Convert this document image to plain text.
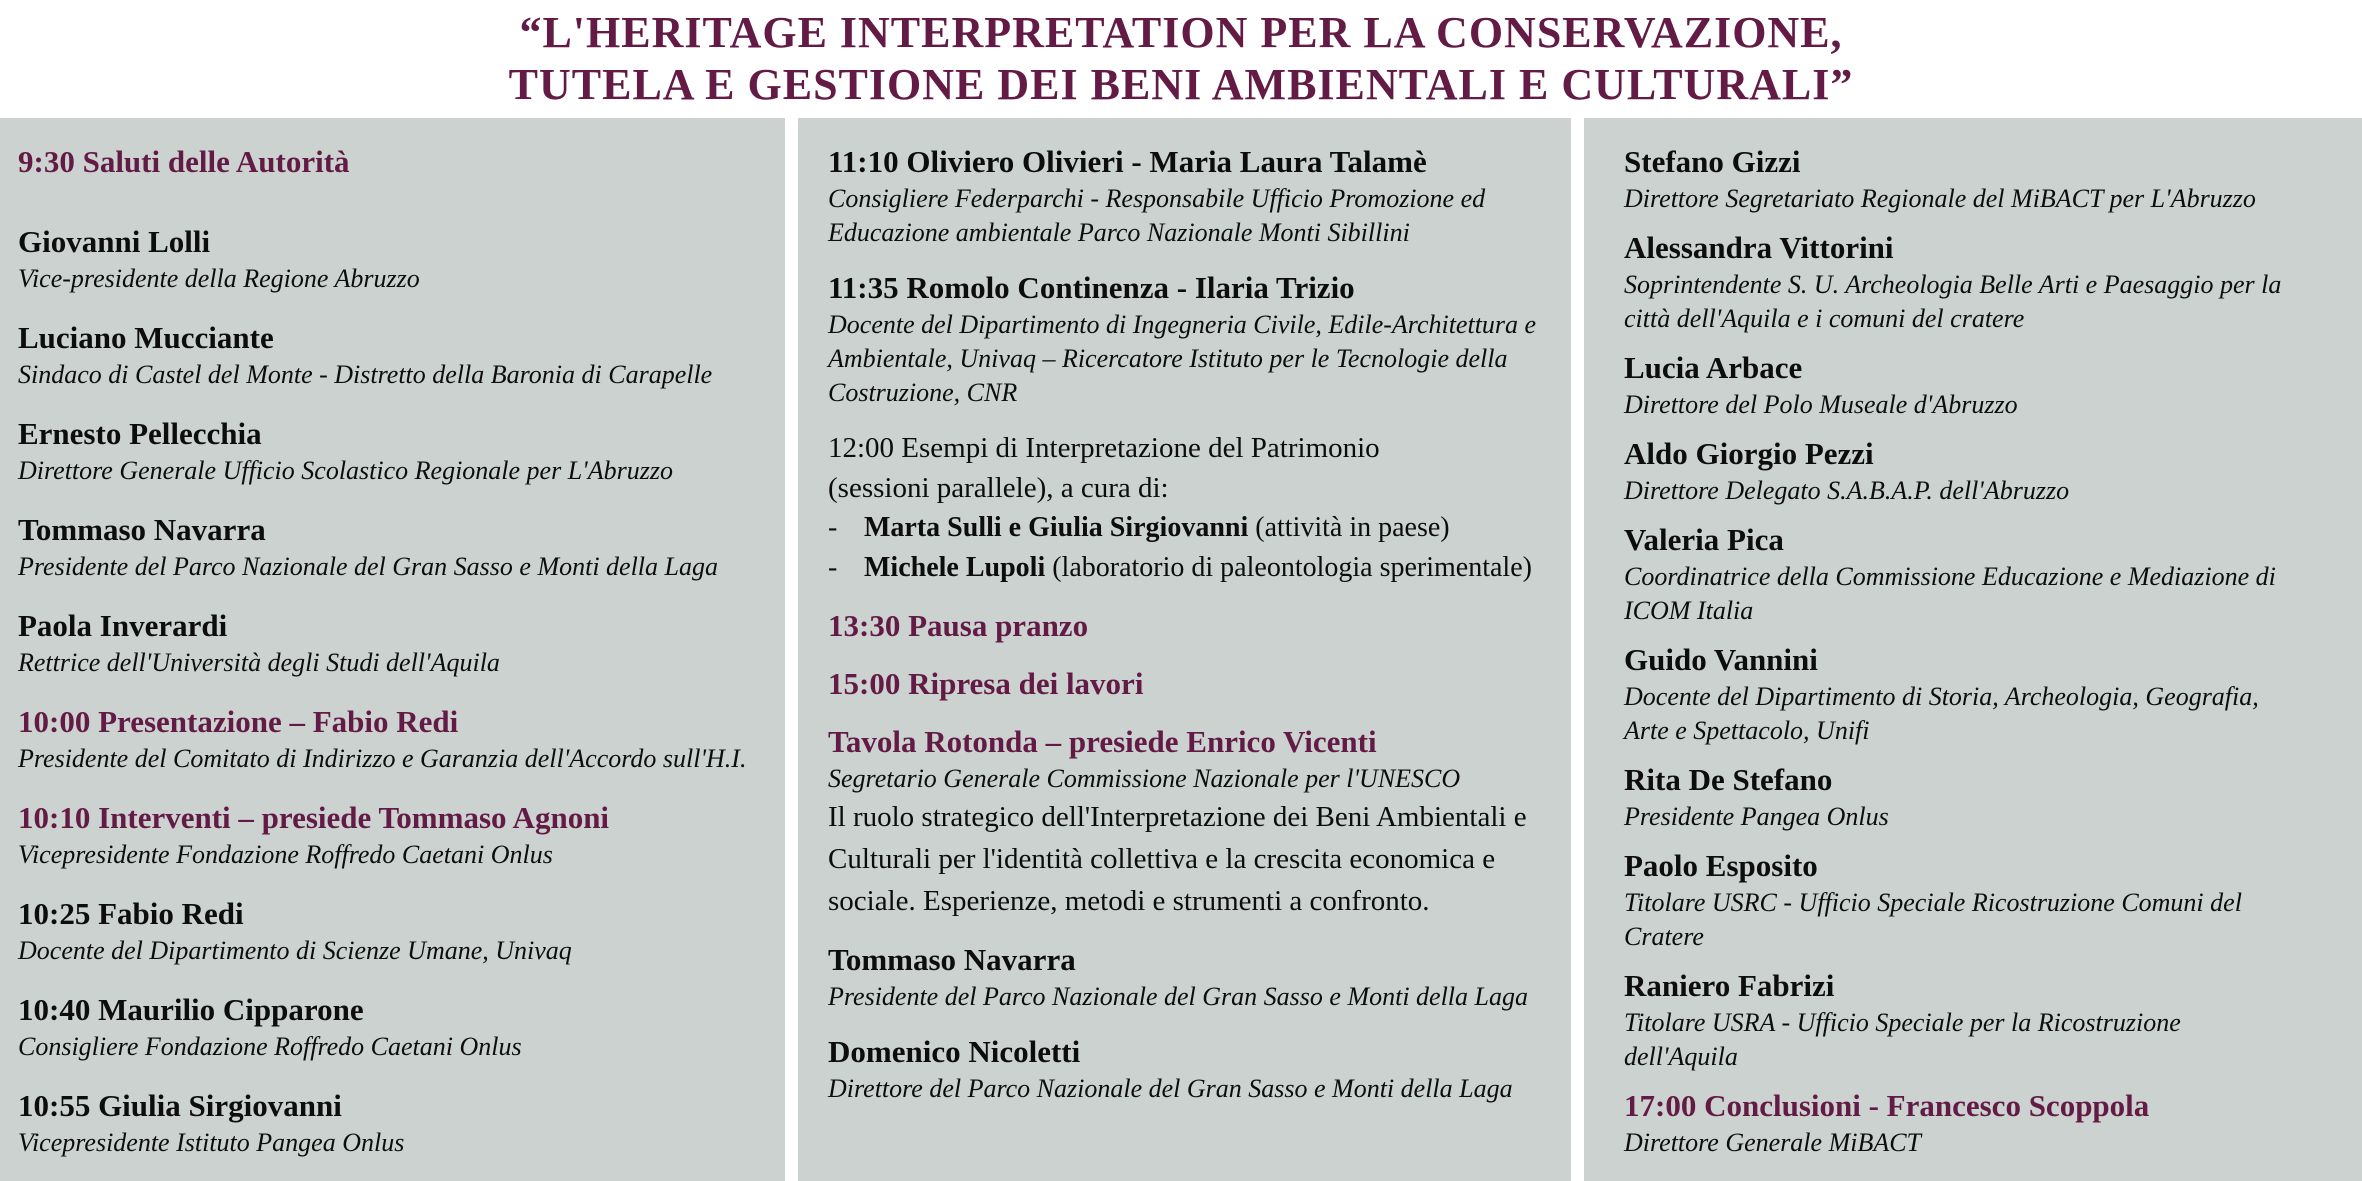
“L'HERITAGE INTERPRETATION PER LA CONSERVAZIONE,
TUTELA E GESTIONE DEI BENI AMBIENTALI E CULTURALI”
9:30 Saluti delle Autorità
Giovanni Lolli
Vice-presidente della Regione Abruzzo
Luciano Mucciante
Sindaco di Castel del Monte - Distretto della Baronia di Carapelle
Ernesto Pellecchia
Direttore Generale Ufficio Scolastico Regionale per L'Abruzzo
Tommaso Navarra
Presidente del Parco Nazionale del Gran Sasso e Monti della Laga
Paola Inverardi
Rettrice dell'Università degli Studi dell'Aquila
10:00 Presentazione – Fabio Redi
Presidente del Comitato di Indirizzo e Garanzia dell'Accordo sull'H.I.
10:10 Interventi – presiede Tommaso Agnoni
Vicepresidente Fondazione Roffredo Caetani Onlus
10:25 Fabio Redi
Docente del Dipartimento di Scienze Umane, Univaq
10:40 Maurilio Cipparone
Consigliere Fondazione Roffredo Caetani Onlus
10:55 Giulia Sirgiovanni
Vicepresidente Istituto Pangea Onlus
11:10 Oliviero Olivieri - Maria Laura Talamè
Consigliere Federparchi - Responsabile Ufficio Promozione ed Educazione ambientale Parco Nazionale Monti Sibillini
11:35 Romolo Continenza - Ilaria Trizio
Docente del Dipartimento di Ingegneria Civile, Edile-Architettura e Ambientale, Univaq – Ricercatore Istituto per le Tecnologie della Costruzione, CNR
12:00 Esempi di Interpretazione del Patrimonio (sessioni parallele), a cura di:
- Marta Sulli e Giulia Sirgiovanni (attività in paese)
- Michele Lupoli (laboratorio di paleontologia sperimentale)
13:30 Pausa pranzo
15:00 Ripresa dei lavori
Tavola Rotonda – presiede Enrico Vicenti
Segretario Generale Commissione Nazionale per l'UNESCO
Il ruolo strategico dell'Interpretazione dei Beni Ambientali e Culturali per l'identità collettiva e la crescita economica e sociale. Esperienze, metodi e strumenti a confronto.
Tommaso Navarra
Presidente del Parco Nazionale del Gran Sasso e Monti della Laga
Domenico Nicoletti
Direttore del Parco Nazionale del Gran Sasso e Monti della Laga
Stefano Gizzi
Direttore Segretariato Regionale del MiBACT per L'Abruzzo
Alessandra Vittorini
Soprintendente S. U. Archeologia Belle Arti e Paesaggio per la città dell'Aquila e i comuni del cratere
Lucia Arbace
Direttore del Polo Museale d'Abruzzo
Aldo Giorgio Pezzi
Direttore Delegato S.A.B.A.P. dell'Abruzzo
Valeria Pica
Coordinatrice della Commissione Educazione e Mediazione di ICOM Italia
Guido Vannini
Docente del Dipartimento di Storia, Archeologia, Geografia, Arte e Spettacolo, Unifi
Rita De Stefano
Presidente Pangea Onlus
Paolo Esposito
Titolare USRC - Ufficio Speciale Ricostruzione Comuni del Cratere
Raniero Fabrizi
Titolare USRA - Ufficio Speciale per la Ricostruzione dell'Aquila
17:00 Conclusioni - Francesco Scoppola
Direttore Generale MiBACT
